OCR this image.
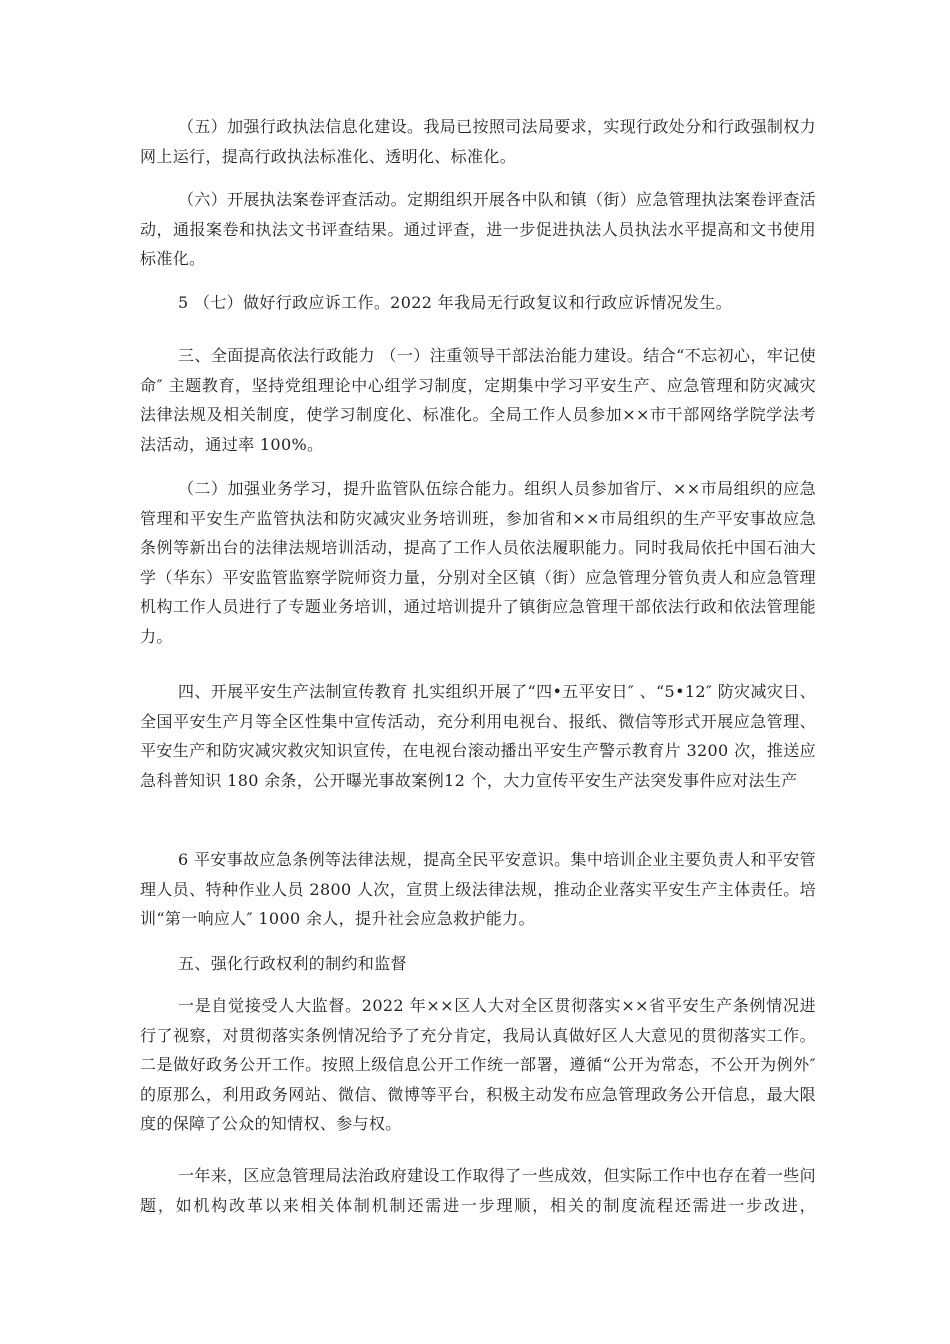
（五）加强行政执法信息化建设。我局已按照司法局要求，实现行政处分和行政强制权力网上运行，提高行政执法标准化、透明化、标准化。

（六）开展执法案卷评查活动。定期组织开展各中队和镇（街）应急管理执法案卷评查活动，通报案卷和执法文书评查结果。通过评查，进一步促进执法人员执法水平提高和文书使用标准化。

5 （七）做好行政应诉工作。2022 年我局无行政复议和行政应诉情况发生。

三、全面提高依法行政能力 （一）注重领导干部法治能力建设。结合“不忘初心，牢记使命″ 主题教育，坚持党组理论中心组学习制度，定期集中学习平安生产、应急管理和防灾减灾法律法规及相关制度，使学习制度化、标准化。全局工作人员参加××市干部网络学院学法考法活动，通过率 100%。

（二）加强业务学习，提升监管队伍综合能力。组织人员参加省厅、××市局组织的应急管理和平安生产监管执法和防灾减灾业务培训班，参加省和××市局组织的生产平安事故应急条例等新出台的法律法规培训活动，提高了工作人员依法履职能力。同时我局依托中国石油大学（华东）平安监管监察学院师资力量，分别对全区镇（街）应急管理分管负责人和应急管理机构工作人员进行了专题业务培训，通过培训提升了镇街应急管理干部依法行政和依法管理能力。

四、开展平安生产法制宣传教育 扎实组织开展了“四•五平安日″ 、“5•12″ 防灾减灾日、全国平安生产月等全区性集中宣传活动，充分利用电视台、报纸、微信等形式开展应急管理、平安生产和防灾减灾救灾知识宣传，在电视台滚动播出平安生产警示教育片 3200 次，推送应急科普知识 180 余条，公开曝光事故案例12 个，大力宣传平安生产法突发事件应对法生产

6 平安事故应急条例等法律法规，提高全民平安意识。集中培训企业主要负责人和平安管理人员、特种作业人员 2800 人次，宣贯上级法律法规，推动企业落实平安生产主体责任。培训“第一响应人″ 1000 余人，提升社会应急救护能力。

五、强化行政权利的制约和监督

一是自觉接受人大监督。2022 年××区人大对全区贯彻落实××省平安生产条例情况进行了视察，对贯彻落实条例情况给予了充分肯定，我局认真做好区人大意见的贯彻落实工作。二是做好政务公开工作。按照上级信息公开工作统一部署，遵循“公开为常态，不公开为例外″ 的原那么，利用政务网站、微信、微博等平台，积极主动发布应急管理政务公开信息，最大限度的保障了公众的知情权、参与权。

一年来，区应急管理局法治政府建设工作取得了一些成效，但实际工作中也存在着一些问题，如机构改革以来相关体制机制还需进一步理顺，相关的制度流程还需进一步改进，
